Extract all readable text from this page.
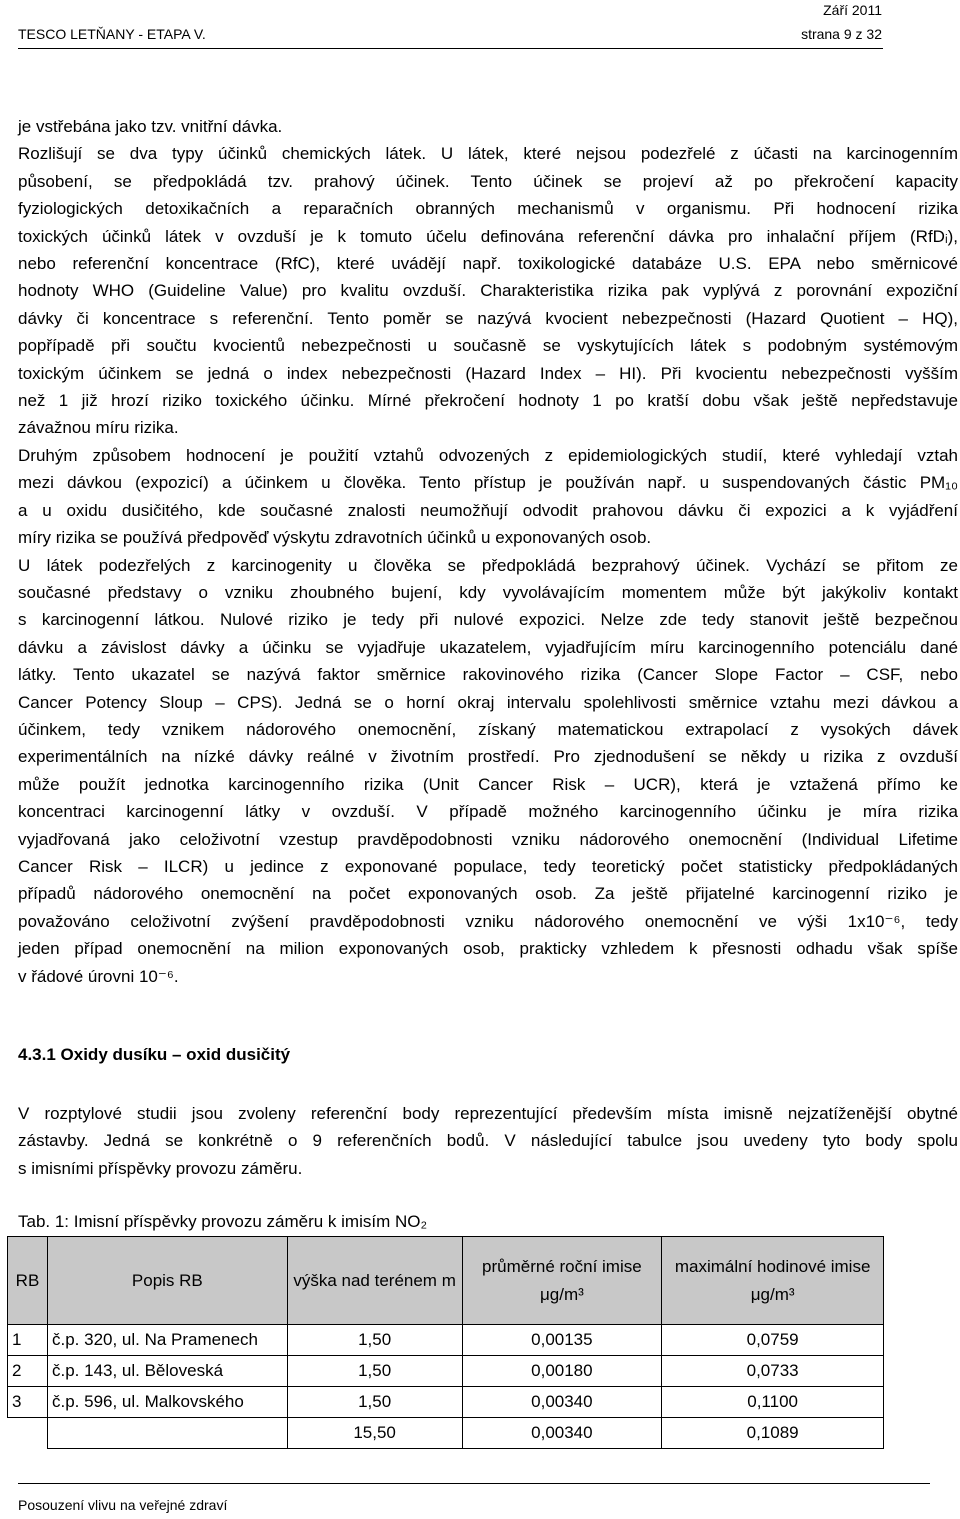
Září 2011
TESCO LETŇANY - ETAPA V.	strana 9 z 32
je vstřebána jako tzv. vnitřní dávka.
Rozlišují se dva typy účinků chemických látek. U látek, které nejsou podezřelé z účasti na karcinogenním
působení, se předpokládá tzv. prahový účinek. Tento účinek se projeví až po překročení kapacity
fyziologických detoxikačních a reparačních obranných mechanismů v organismu. Při hodnocení rizika
toxických účinků látek v ovzduší je k tomuto účelu definována referenční dávka pro inhalační příjem (RfDᵢ),
nebo referenční koncentrace (RfC), které uvádějí např. toxikologické databáze U.S. EPA nebo směrnicové
hodnoty WHO (Guideline Value) pro kvalitu ovzduší. Charakteristika rizika pak vyplývá z porovnání expoziční
dávky či koncentrace s referenční. Tento poměr se nazývá kvocient nebezpečnosti (Hazard Quotient – HQ),
popřípadě při součtu kvocientů nebezpečnosti u současně se vyskytujících látek s podobným systémovým
toxickým účinkem se jedná o index nebezpečnosti (Hazard Index – HI). Při kvocientu nebezpečnosti vyšším
než 1 již hrozí riziko toxického účinku. Mírné překročení hodnoty 1 po kratší dobu však ještě nepředstavuje
závažnou míru rizika.
Druhým způsobem hodnocení je použití vztahů odvozených z epidemiologických studií, které vyhledají vztah
mezi dávkou (expozicí) a účinkem u člověka. Tento přístup je používán např. u suspendovaných částic PM₁₀
a u oxidu dusičitého, kde současné znalosti neumožňují odvodit prahovou dávku či expozici a k vyjádření
míry rizika se používá předpověď výskytu zdravotních účinků u exponovaných osob.
U látek podezřelých z karcinogenity u člověka se předpokládá bezprahový účinek. Vychází se přitom ze
současné představy o vzniku zhoubného bujení, kdy vyvolávajícím momentem může být jakýkoliv kontakt
s karcinogenní látkou. Nulové riziko je tedy při nulové expozici. Nelze zde tedy stanovit ještě bezpečnou
dávku a závislost dávky a účinku se vyjadřuje ukazatelem, vyjadřujícím míru karcinogenního potenciálu dané
látky. Tento ukazatel se nazývá faktor směrnice rakovinového rizika (Cancer Slope Factor – CSF, nebo
Cancer Potency Sloup – CPS). Jedná se o horní okraj intervalu spolehlivosti směrnice vztahu mezi dávkou a
účinkem, tedy vznikem nádorového onemocnění, získaný matematickou extrapolací z vysokých dávek
experimentálních na nízké dávky reálné v životním prostředí. Pro zjednodušení se někdy u rizika z ovzduší
může použít jednotka karcinogenního rizika (Unit Cancer Risk – UCR), která je vztažená přímo ke
koncentraci karcinogenní látky v ovzduší. V případě možného karcinogenního účinku je míra rizika
vyjadřovaná jako celoživotní vzestup pravděpodobnosti vzniku nádorového onemocnění (Individual Lifetime
Cancer Risk – ILCR) u jedince z exponované populace, tedy teoretický počet statisticky předpokládaných
případů nádorového onemocnění na počet exponovaných osob. Za ještě přijatelné karcinogenní riziko je
považováno celoživotní zvýšení pravděpodobnosti vzniku nádorového onemocnění ve výši 1x10⁻⁶, tedy
jeden případ onemocnění na milion exponovaných osob, prakticky vzhledem k přesnosti odhadu však spíše
v řádové úrovni 10⁻⁶.
4.3.1 Oxidy dusíku – oxid dusičitý
V rozptylové studii jsou zvoleny referenční body reprezentující především místa imisně nejzatíženější obytné
zástavby. Jedná se konkrétně o 9 referenčních bodů. V následující tabulce jsou uvedeny tyto body spolu
s imisními příspěvky provozu záměru.
Tab. 1: Imisní příspěvky provozu záměru k imisím NO₂
RB	Popis RB	výška nad terénem m	průměrné roční imise μg/m³	maximální hodinové imise μg/m³
1	č.p. 320, ul. Na Pramenech	1,50	0,00135	0,0759
2	č.p. 143, ul. Běloveská	1,50	0,00180	0,0733
3	č.p. 596, ul. Malkovského	1,50	0,00340	0,1100
		15,50	0,00340	0,1089
Posouzení vlivu na veřejné zdraví
